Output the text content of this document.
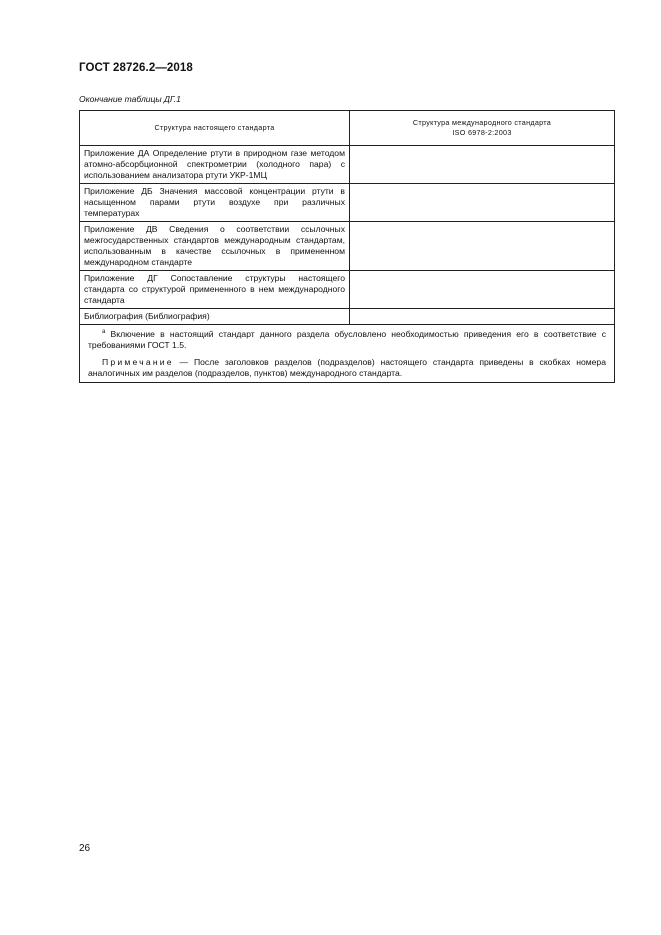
ГОСТ 28726.2—2018
Окончание таблицы ДГ.1
Структура настоящего стандарта	Структура международного стандарта
ISO 6978-2:2003

Приложение ДА Определение ртути в природном газе методом атомно-абсорбционной спектрометрии (холодного пара) с использованием анализатора ртути УКР-1МЦ	
Приложение ДБ Значения массовой концентрации ртути в насыщенном парами ртути воздухе при различных температурах	
Приложение ДВ Сведения о соответствии ссылочных межгосударственных стандартов международным стандартам, использованным в качестве ссылочных в примененном международном стандарте	
Приложение ДГ Сопоставление структуры настоящего стандарта со структурой примененного в нем международного стандарта	
Библиография (Библиография)	

$^а$ Включение в настоящий стандарт данного раздела обусловлено необходимостью приведения его в соответствие с требованиями ГОСТ 1.5.

Примечание — После заголовков разделов (подразделов) настоящего стандарта приведены в скобках номера аналогичных им разделов (подразделов, пунктов) международного стандарта.	

26
